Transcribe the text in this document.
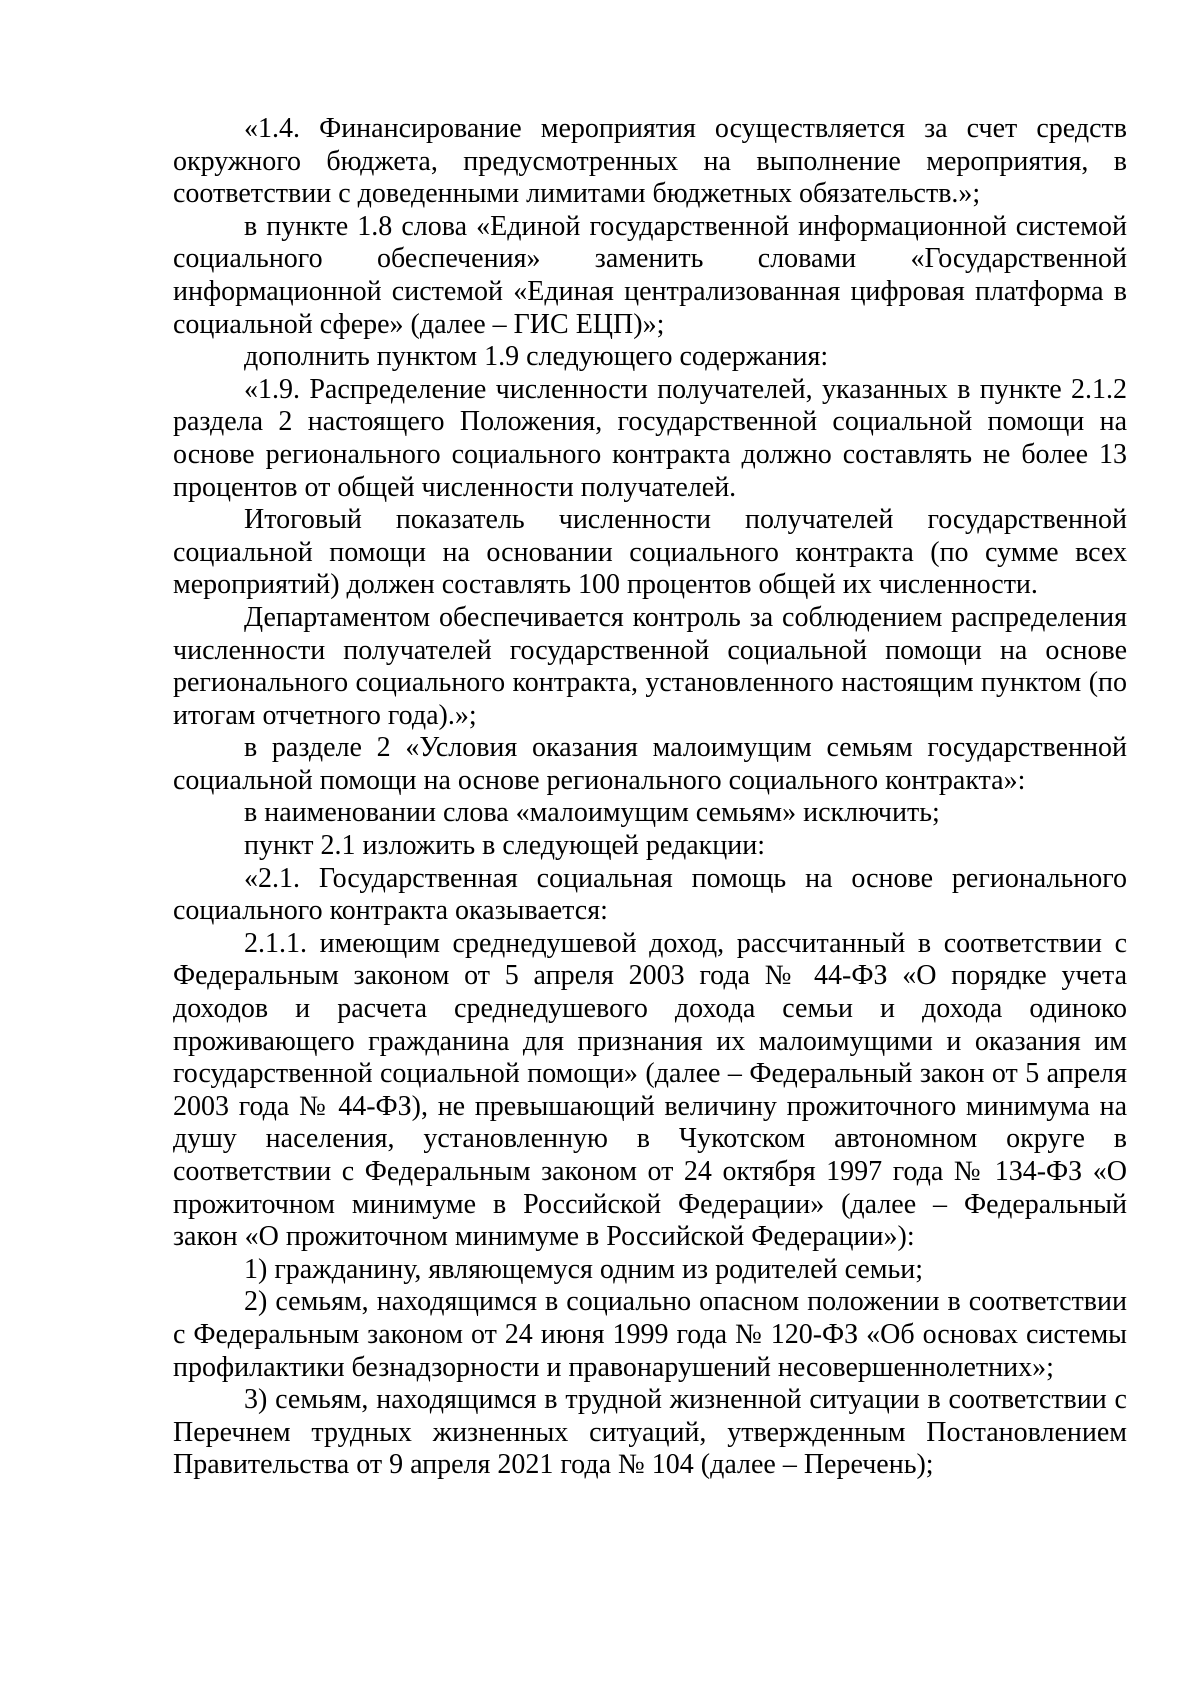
«1.4. Финансирование мероприятия осуществляется за счет средств окружного бюджета, предусмотренных на выполнение мероприятия, в соответствии с доведенными лимитами бюджетных обязательств.»;

в пункте 1.8 слова «Единой государственной информационной системой социального обеспечения» заменить словами «Государственной информационной системой «Единая централизованная цифровая платформа в социальной сфере» (далее – ГИС ЕЦП)»;

дополнить пунктом 1.9 следующего содержания:

«1.9. Распределение численности получателей, указанных в пункте 2.1.2 раздела 2 настоящего Положения, государственной социальной помощи на основе регионального социального контракта должно составлять не более 13 процентов от общей численности получателей.

Итоговый показатель численности получателей государственной социальной помощи на основании социального контракта (по сумме всех мероприятий) должен составлять 100 процентов общей их численности.

Департаментом обеспечивается контроль за соблюдением распределения численности получателей государственной социальной помощи на основе регионального социального контракта, установленного настоящим пунктом (по итогам отчетного года).»;

в разделе 2 «Условия оказания малоимущим семьям государственной социальной помощи на основе регионального социального контракта»:

в наименовании слова «малоимущим семьям» исключить;

пункт 2.1 изложить в следующей редакции:

«2.1. Государственная социальная помощь на основе регионального социального контракта оказывается:

2.1.1. имеющим среднедушевой доход, рассчитанный в соответствии с Федеральным законом от 5 апреля 2003 года № 44-ФЗ «О порядке учета доходов и расчета среднедушевого дохода семьи и дохода одиноко проживающего гражданина для признания их малоимущими и оказания им государственной социальной помощи» (далее – Федеральный закон от 5 апреля 2003 года № 44-ФЗ), не превышающий величину прожиточного минимума на душу населения, установленную в Чукотском автономном округе в соответствии с Федеральным законом от 24 октября 1997 года № 134-ФЗ «О прожиточном минимуме в Российской Федерации» (далее – Федеральный закон «О прожиточном минимуме в Российской Федерации»):

1) гражданину, являющемуся одним из родителей семьи;

2) семьям, находящимся в социально опасном положении в соответствии с Федеральным законом от 24 июня 1999 года № 120-ФЗ «Об основах системы профилактики безнадзорности и правонарушений несовершеннолетних»;

3) семьям, находящимся в трудной жизненной ситуации в соответствии с Перечнем трудных жизненных ситуаций, утвержденным Постановлением Правительства от 9 апреля 2021 года № 104 (далее – Перечень);
